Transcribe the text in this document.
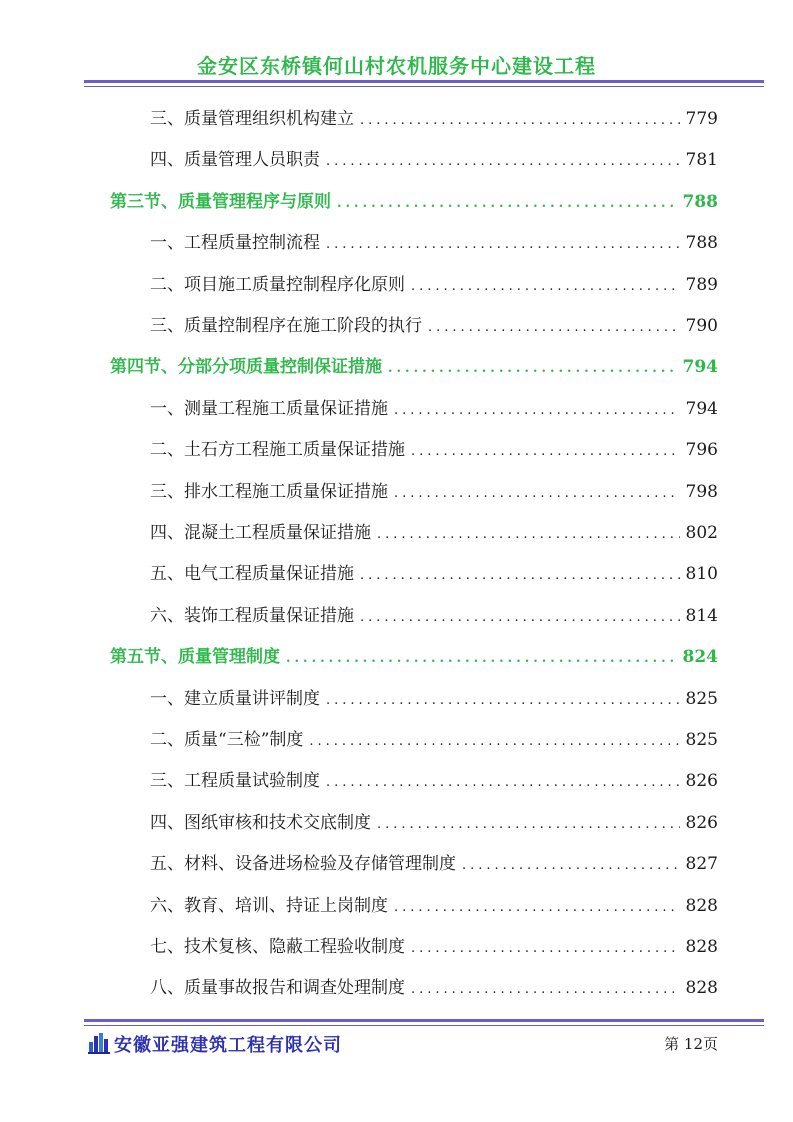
金安区东桥镇何山村农机服务中心建设工程
三、质量管理组织机构建立 .....	779
四、质量管理人员职责 .....	781
第三节、质量管理程序与原则 .....	788
一、工程质量控制流程 .....	788
二、项目施工质量控制程序化原则 .....	789
三、质量控制程序在施工阶段的执行 .....	790
第四节、分部分项质量控制保证措施 .....	794
一、测量工程施工质量保证措施 .....	794
二、土石方工程施工质量保证措施 .....	796
三、排水工程施工质量保证措施 .....	798
四、混凝土工程质量保证措施 .....	802
五、电气工程质量保证措施 .....	810
六、装饰工程质量保证措施 .....	814
第五节、质量管理制度 .....	824
一、建立质量讲评制度 .....	825
二、质量“三检”制度 .....	825
三、工程质量试验制度 .....	826
四、图纸审核和技术交底制度 .....	826
五、材料、设备进场检验及存储管理制度 .....	827
六、教育、培训、持证上岗制度 .....	828
七、技术复核、隐蔽工程验收制度 .....	828
八、质量事故报告和调查处理制度 .....	828
安徽亚强建筑工程有限公司	第 12页
